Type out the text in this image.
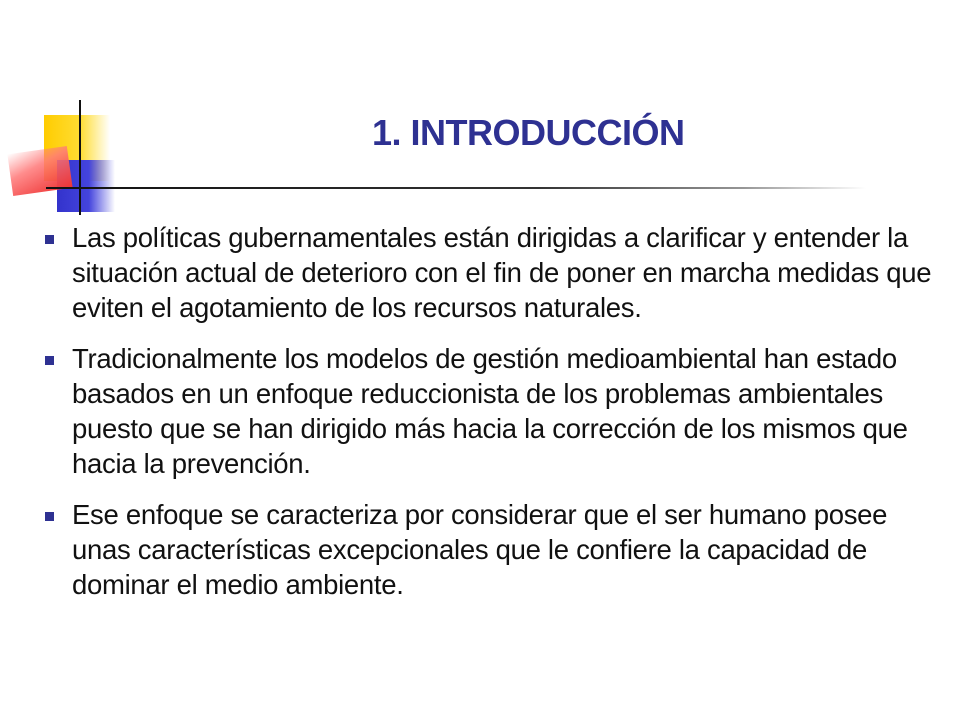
1. INTRODUCCIÓN
Las políticas gubernamentales están dirigidas a clarificar y entender la situación actual de deterioro con el fin de poner en marcha medidas que eviten el agotamiento de los recursos naturales.
Tradicionalmente los modelos de gestión medioambiental han estado basados en un enfoque reduccionista de los problemas ambientales puesto que se han dirigido más hacia la corrección de los mismos que hacia la prevención.
Ese enfoque se caracteriza por considerar que el ser humano posee unas características excepcionales que le confiere la capacidad de dominar el medio ambiente.
